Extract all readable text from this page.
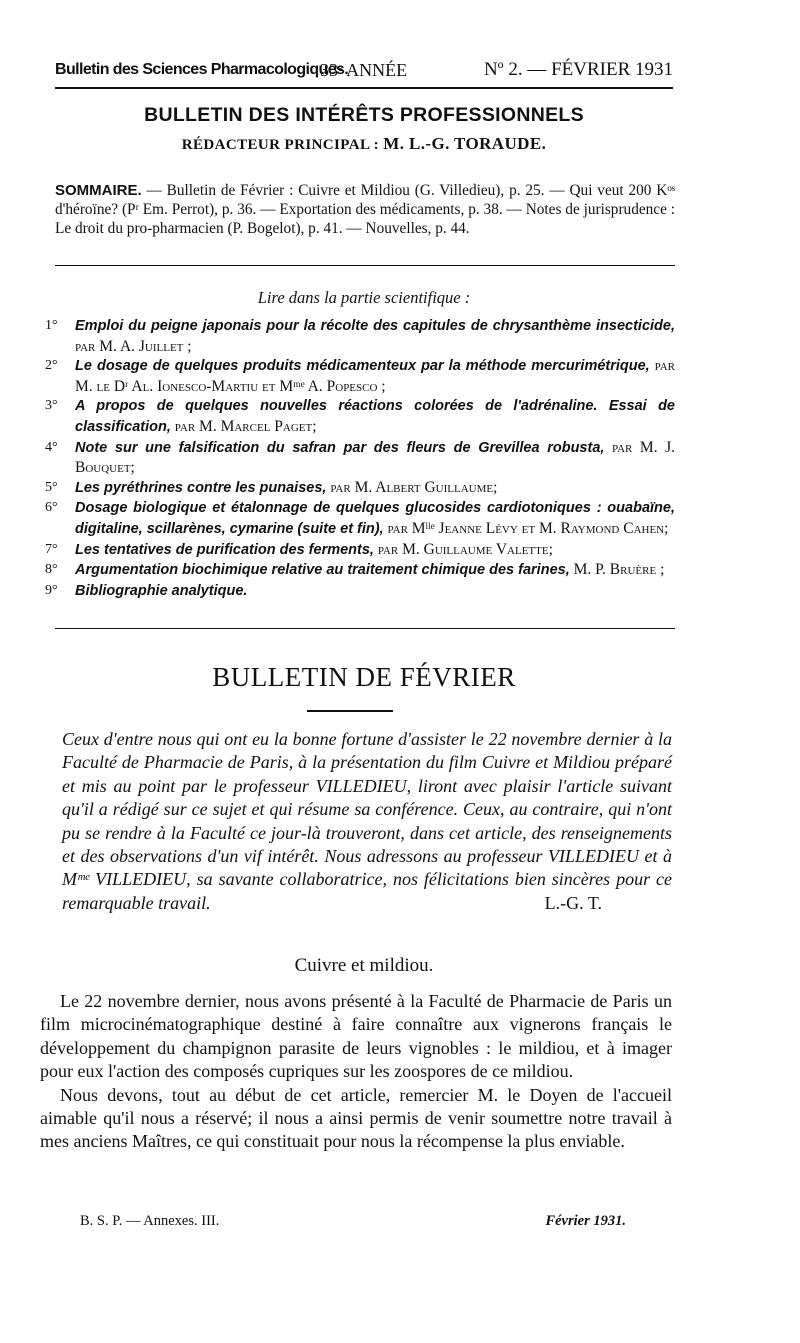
Bulletin des Sciences Pharmacologiques.
33ᵉ ANNÉE	Nº 2. — FÉVRIER 1931
BULLETIN DES INTÉRÊTS PROFESSIONNELS
RÉDACTEUR PRINCIPAL : M. L.-G. TORAUDE.
SOMMAIRE. — Bulletin de Février : Cuivre et Mildiou (G. Villedieu), p. 25. — Qui veut 200 Kᵒˢ d'héroïne? (Pʳ Em. Perrot), p. 36. — Exportation des médicaments, p. 38. — Notes de jurisprudence : Le droit du pro-pharmacien (P. Bogelot), p. 41. — Nouvelles, p. 44.
Lire dans la partie scientifique :
1° Emploi du peigne japonais pour la récolte des capitules de chrysanthème insecticide, par M. A. Juillet ;
2° Le dosage de quelques produits médicamenteux par la méthode mercurimétrique, par M. le Dʳ Al. Ionesco-Martiu et Mᵐᵉ A. Popesco ;
3° A propos de quelques nouvelles réactions colorées de l'adrénaline. Essai de classification, par M. Marcel Paget;
4° Note sur une falsification du safran par des fleurs de Grevillea robusta, par M. J. Bouquet;
5° Les pyréthrines contre les punaises, par M. Albert Guillaume;
6° Dosage biologique et étalonnage de quelques glucosides cardiotoniques : ouabaïne, digitaline, scillarènes, cymarine (suite et fin), par Mˡˡᵉ Jeanne Lévy et M. Raymond Cahen;
7° Les tentatives de purification des ferments, par M. Guillaume Valette;
8° Argumentation biochimique relative au traitement chimique des farines, M. P. Bruère ;
9° Bibliographie analytique.
BULLETIN DE FÉVRIER

Ceux d'entre nous qui ont eu la bonne fortune d'assister le 22 novembre dernier à la Faculté de Pharmacie de Paris, à la présentation du film Cuivre et Mildiou préparé et mis au point par le professeur VILLEDIEU, liront avec plaisir l'article suivant qu'il a rédigé sur ce sujet et qui résume sa conférence. Ceux, au contraire, qui n'ont pu se rendre à la Faculté ce jour-là trouveront, dans cet article, des renseignements et des observations d'un vif intérêt. Nous adressons au professeur VILLEDIEU et à Mᵐᵉ VILLEDIEU, sa savante collaboratrice, nos félicitations bien sincères pour ce remarquable travail.	L.-G. T.

Cuivre et mildiou.

Le 22 novembre dernier, nous avons présenté à la Faculté de Pharmacie de Paris un film microcinématographique destiné à faire connaître aux vignerons français le développement du champignon parasite de leurs vignobles : le mildiou, et à imager pour eux l'action des composés cupriques sur les zoospores de ce mildiou.

Nous devons, tout au début de cet article, remercier M. le Doyen de l'accueil aimable qu'il nous a réservé; il nous a ainsi permis de venir soumettre notre travail à mes anciens Maîtres, ce qui constituait pour nous la récompense la plus enviable.

B. S. P. — Annexes. III.	Février 1931.
